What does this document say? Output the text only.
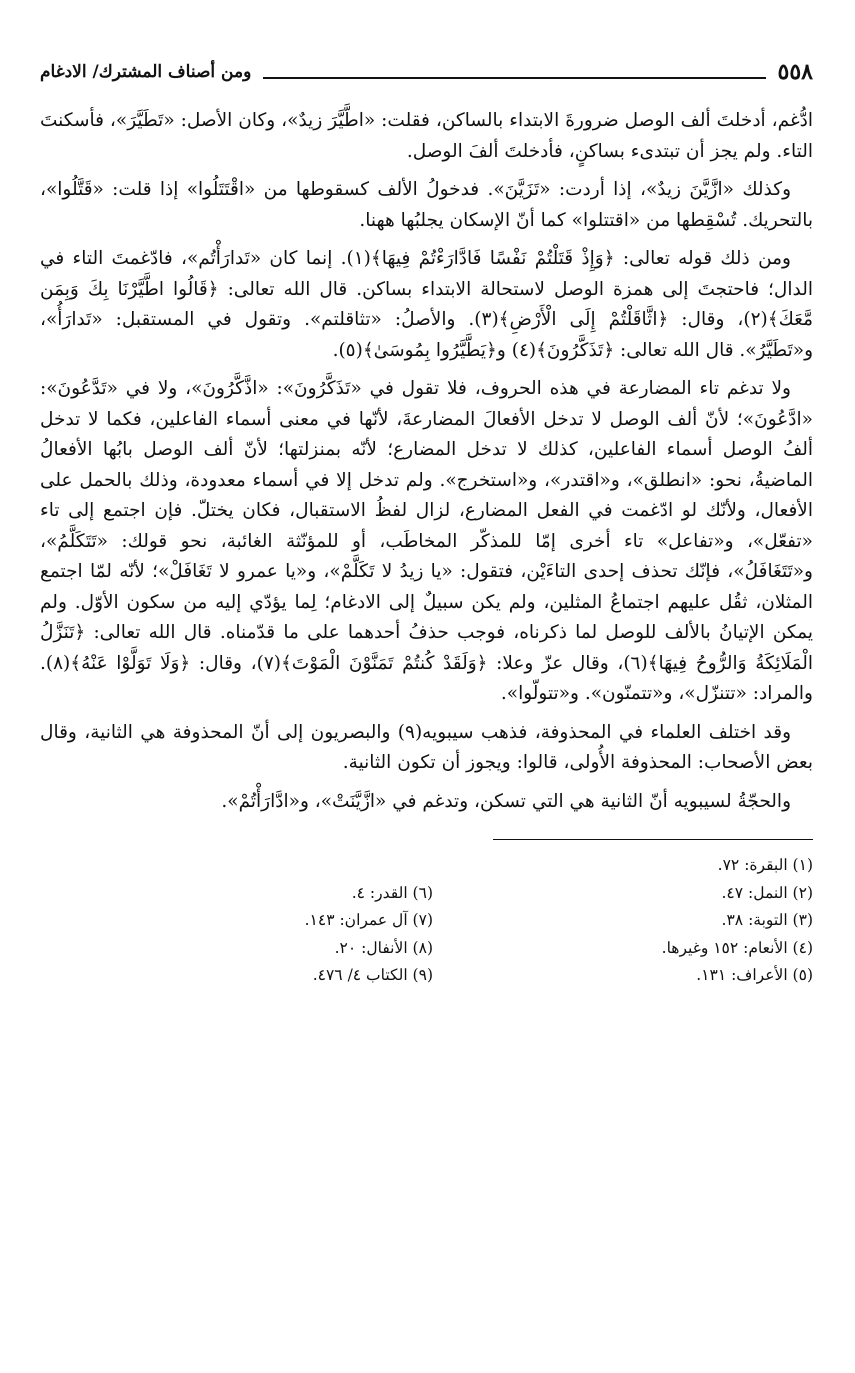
٥٥٨
ومن أصناف المشترك/ الادغام

ادُّغم، أدخلتَ ألف الوصل ضرورةَ الابتداء بالساكن، فقلت: «اطَّيَّرَ زيدٌ»، وكان الأصل: «تَطَيَّرَ»، فأسكنتَ التاء. ولم يجز أن تبتدىء بساكنٍ، فأدخلتَ ألفَ الوصل.

وكذلك «ازَّيَّنَ زيدٌ»، إذا أردت: «تَزَيَّنَ». فدخولُ الألف كسقوطها من «اقْتَتَلُوا» إذا قلت: «قَتَّلُوا»، بالتحريك. تُسْقِطها من «اقتتلوا» كما أنّ الإسكان يجلبُها ههنا.

ومن ذلك قوله تعالى: ﴿وَإِذْ قَتَلْتُمْ نَفْسًا فَادَّارَءْتُمْ فِيهَا﴾(١). إنما كان «تَدارَأْتُم»، فادّغمتَ التاء في الدال؛ فاحتجتَ إلى همزة الوصل لاستحالة الابتداء بساكن. قال الله تعالى: ﴿قَالُوا اطَّيَّرْنَا بِكَ وَبِمَن مَّعَكَ﴾(٢)، وقال: ﴿اثَّاقَلْتُمْ إِلَى الْأَرْضِ﴾(٣). والأصلُ: «تثاقلتم». وتقول في المستقبل: «تَدارَأُ»، و«تَطَيَّرُ». قال الله تعالى: ﴿تَذَكَّرُونَ﴾(٤) و﴿يَطَّيَّرُوا بِمُوسَىٰ﴾(٥).

ولا تدغم تاء المضارعة في هذه الحروف، فلا تقول في «تَذَكَّرُونَ»: «اذَّكَّرُونَ»، ولا في «تَدَّعُونَ»: «ادَّعُونَ»؛ لأنّ ألف الوصل لا تدخل الأفعالَ المضارعةَ، لأنّها في معنى أسماء الفاعلين، فكما لا تدخل ألفُ الوصل أسماء الفاعلين، كذلك لا تدخل المضارع؛ لأنّه بمنزلتها؛ لأنّ ألف الوصل بابُها الأفعالُ الماضيةُ، نحو: «انطلق»، و«اقتدر»، و«استخرج». ولم تدخل إلا في أسماء معدودة، وذلك بالحمل على الأفعال، ولأنّك لو ادّغمت في الفعل المضارع، لزال لفظُ الاستقبال، فكان يختلّ. فإن اجتمع إلى تاء «تفعّل»، و«تفاعل» تاء أخرى إمّا للمذكّر المخاطَب، أو للمؤنّثة الغائبة، نحو قولك: «تَتَكَلَّمُ»، و«تَتَغَافَلُ»، فإنّك تحذف إحدى التاءَيْن، فتقول: «يا زيدُ لا تَكَلَّمْ»، و«يا عمرو لا تَغَافَلْ»؛ لأنّه لمّا اجتمع المثلان، ثقُل عليهم اجتماعُ المثلين، ولم يكن سبيلٌ إلى الادغام؛ لِما يؤدّي إليه من سكون الأوّل. ولم يمكن الإتيانُ بالألف للوصل لما ذكرناه، فوجب حذفُ أحدهما على ما قدّمناه. قال الله تعالى: ﴿تَنَزَّلُ الْمَلَائِكَةُ وَالرُّوحُ فِيهَا﴾(٦)، وقال عزّ وعلا: ﴿وَلَقَدْ كُنتُمْ تَمَنَّوْنَ الْمَوْتَ﴾(٧)، وقال: ﴿وَلَا تَوَلَّوْا عَنْهُ﴾(٨). والمراد: «تتنزّل»، و«تتمنّون». و«تتولّوا».

وقد اختلف العلماء في المحذوفة، فذهب سيبويه(٩) والبصريون إلى أنّ المحذوفة هي الثانية، وقال بعض الأصحاب: المحذوفة الأُولى، قالوا: ويجوز أن تكون الثانية.

والحجّةُ لسيبويه أنّ الثانية هي التي تسكن، وتدغم في «ازَّيَّنَتْ»، و«ادَّارَأْتُمْ».

(١) البقرة: ٧٢.
(٢) النمل: ٤٧.
(٣) التوبة: ٣٨.
(٤) الأنعام: ١٥٢ وغيرها.
(٥) الأعراف: ١٣١.
(٦) القدر: ٤.
(٧) آل عمران: ١٤٣.
(٨) الأنفال: ٢٠.
(٩) الكتاب ٤/ ٤٧٦.
